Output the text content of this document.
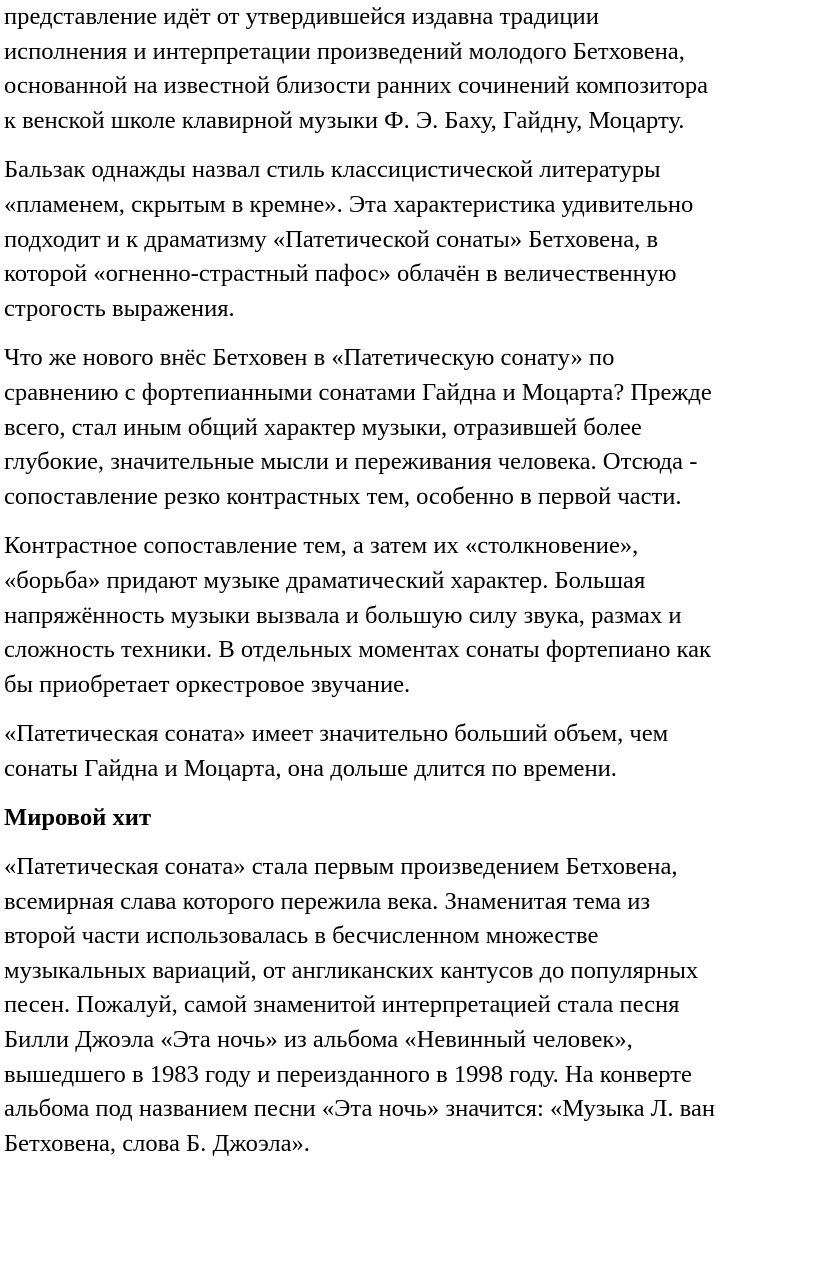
представление идёт от утвердившейся издавна традиции
исполнения и интерпретации произведений молодого Бетховена,
основанной на известной близости ранних сочинений композитора
к венской школе клавирной музыки Ф. Э. Баху, Гайдну, Моцарту.

Бальзак однажды назвал стиль классицистической литературы
«пламенем, скрытым в кремне». Эта характеристика удивительно
подходит и к драматизму «Патетической сонаты» Бетховена, в
которой «огненно-страстный пафос» облачён в величественную
строгость выражения.

Что же нового внёс Бетховен в «Патетическую сонату» по
сравнению с фортепианными сонатами Гайдна и Моцарта? Прежде
всего, стал иным общий характер музыки, отразившей более
глубокие, значительные мысли и переживания человека. Отсюда -
сопоставление резко контрастных тем, особенно в первой части.

Контрастное сопоставление тем, а затем их «столкновение»,
«борьба» придают музыке драматический характер. Большая
напряжённость музыки вызвала и большую силу звука, размах и
сложность техники. В отдельных моментах сонаты фортепиано как
бы приобретает оркестровое звучание.

«Патетическая соната» имеет значительно больший объем, чем
сонаты Гайдна и Моцарта, она дольше длится по времени.

Мировой хит

«Патетическая соната» стала первым произведением Бетховена,
всемирная слава которого пережила века. Знаменитая тема из
второй части использовалась в бесчисленном множестве
музыкальных вариаций, от англиканских кантусов до популярных
песен. Пожалуй, самой знаменитой интерпретацией стала песня
Билли Джоэла «Эта ночь» из альбома «Невинный человек»,
вышедшего в 1983 году и переизданного в 1998 году. На конверте
альбома под названием песни «Эта ночь» значится: «Музыка Л. ван
Бетховена, слова Б. Джоэла».
